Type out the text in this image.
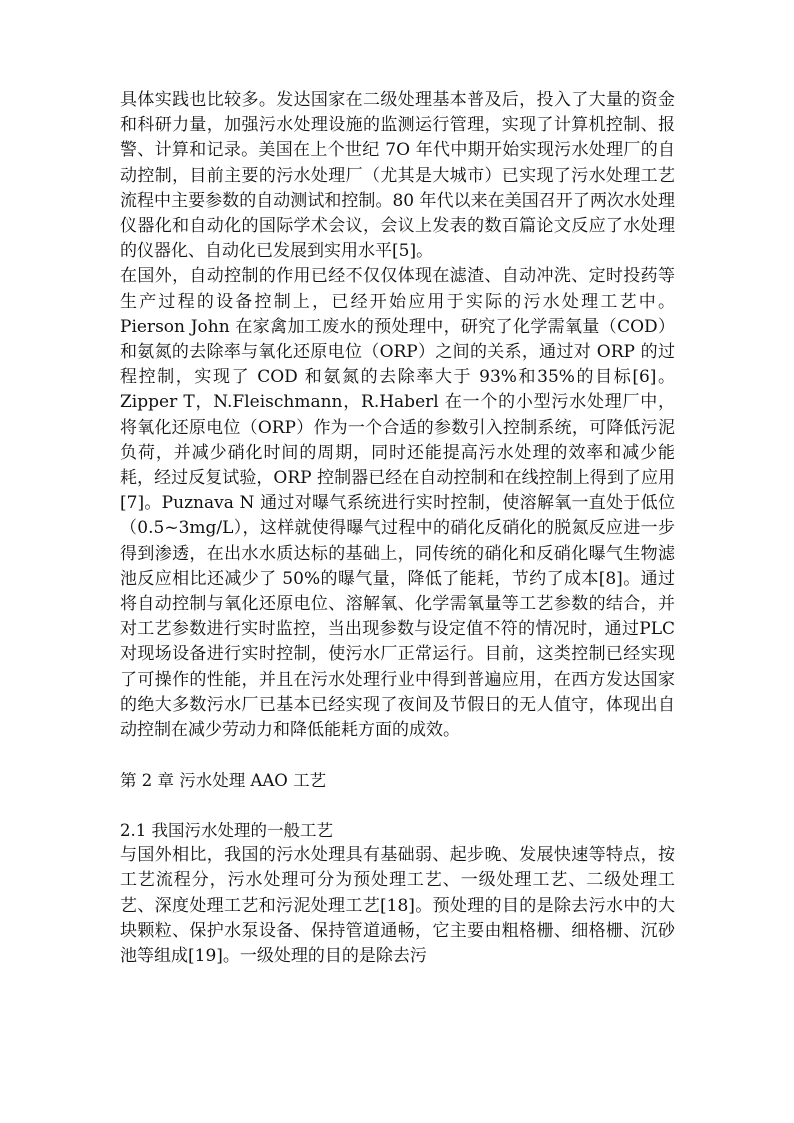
具体实践也比较多。发达国家在二级处理基本普及后，投入了大量的资金和科研力量，加强污水处理设施的监测运行管理，实现了计算机控制、报警、计算和记录。美国在上个世纪 7O 年代中期开始实现污水处理厂的自动控制，目前主要的污水处理厂（尤其是大城市）已实现了污水处理工艺流程中主要参数的自动测试和控制。80 年代以来在美国召开了两次水处理仪器化和自动化的国际学术会议，会议上发表的数百篇论文反应了水处理的仪器化、自动化已发展到实用水平[5]。

在国外，自动控制的作用已经不仅仅体现在滤渣、自动冲洗、定时投药等生产过程的设备控制上，已经开始应用于实际的污水处理工艺中。Pierson John 在家禽加工废水的预处理中，研究了化学需氧量（COD）和氨氮的去除率与氧化还原电位（ORP）之间的关系，通过对 ORP 的过程控制，实现了 COD 和氨氮的去除率大于 93%和35%的目标[6]。Zipper T，N.Fleischmann，R.Haberl 在一个的小型污水处理厂中，将氧化还原电位（ORP）作为一个合适的参数引入控制系统，可降低污泥负荷，并减少硝化时间的周期，同时还能提高污水处理的效率和减少能耗，经过反复试验，ORP 控制器已经在自动控制和在线控制上得到了应用[7]。Puznava N 通过对曝气系统进行实时控制，使溶解氧一直处于低位（0.5~3mg/L），这样就使得曝气过程中的硝化反硝化的脱氮反应进一步得到渗透，在出水水质达标的基础上，同传统的硝化和反硝化曝气生物滤池反应相比还减少了 50%的曝气量，降低了能耗，节约了成本[8]。通过将自动控制与氧化还原电位、溶解氧、化学需氧量等工艺参数的结合，并对工艺参数进行实时监控，当出现参数与设定值不符的情况时，通过PLC 对现场设备进行实时控制，使污水厂正常运行。目前，这类控制已经实现了可操作的性能，并且在污水处理行业中得到普遍应用，在西方发达国家的绝大多数污水厂已基本已经实现了夜间及节假日的无人值守，体现出自动控制在减少劳动力和降低能耗方面的成效。

第 2 章 污水处理 AAO 工艺

2.1 我国污水处理的一般工艺

与国外相比，我国的污水处理具有基础弱、起步晚、发展快速等特点，按工艺流程分，污水处理可分为预处理工艺、一级处理工艺、二级处理工艺、深度处理工艺和污泥处理工艺[18]。预处理的目的是除去污水中的大块颗粒、保护水泵设备、保持管道通畅，它主要由粗格栅、细格栅、沉砂池等组成[19]。一级处理的目的是除去污
